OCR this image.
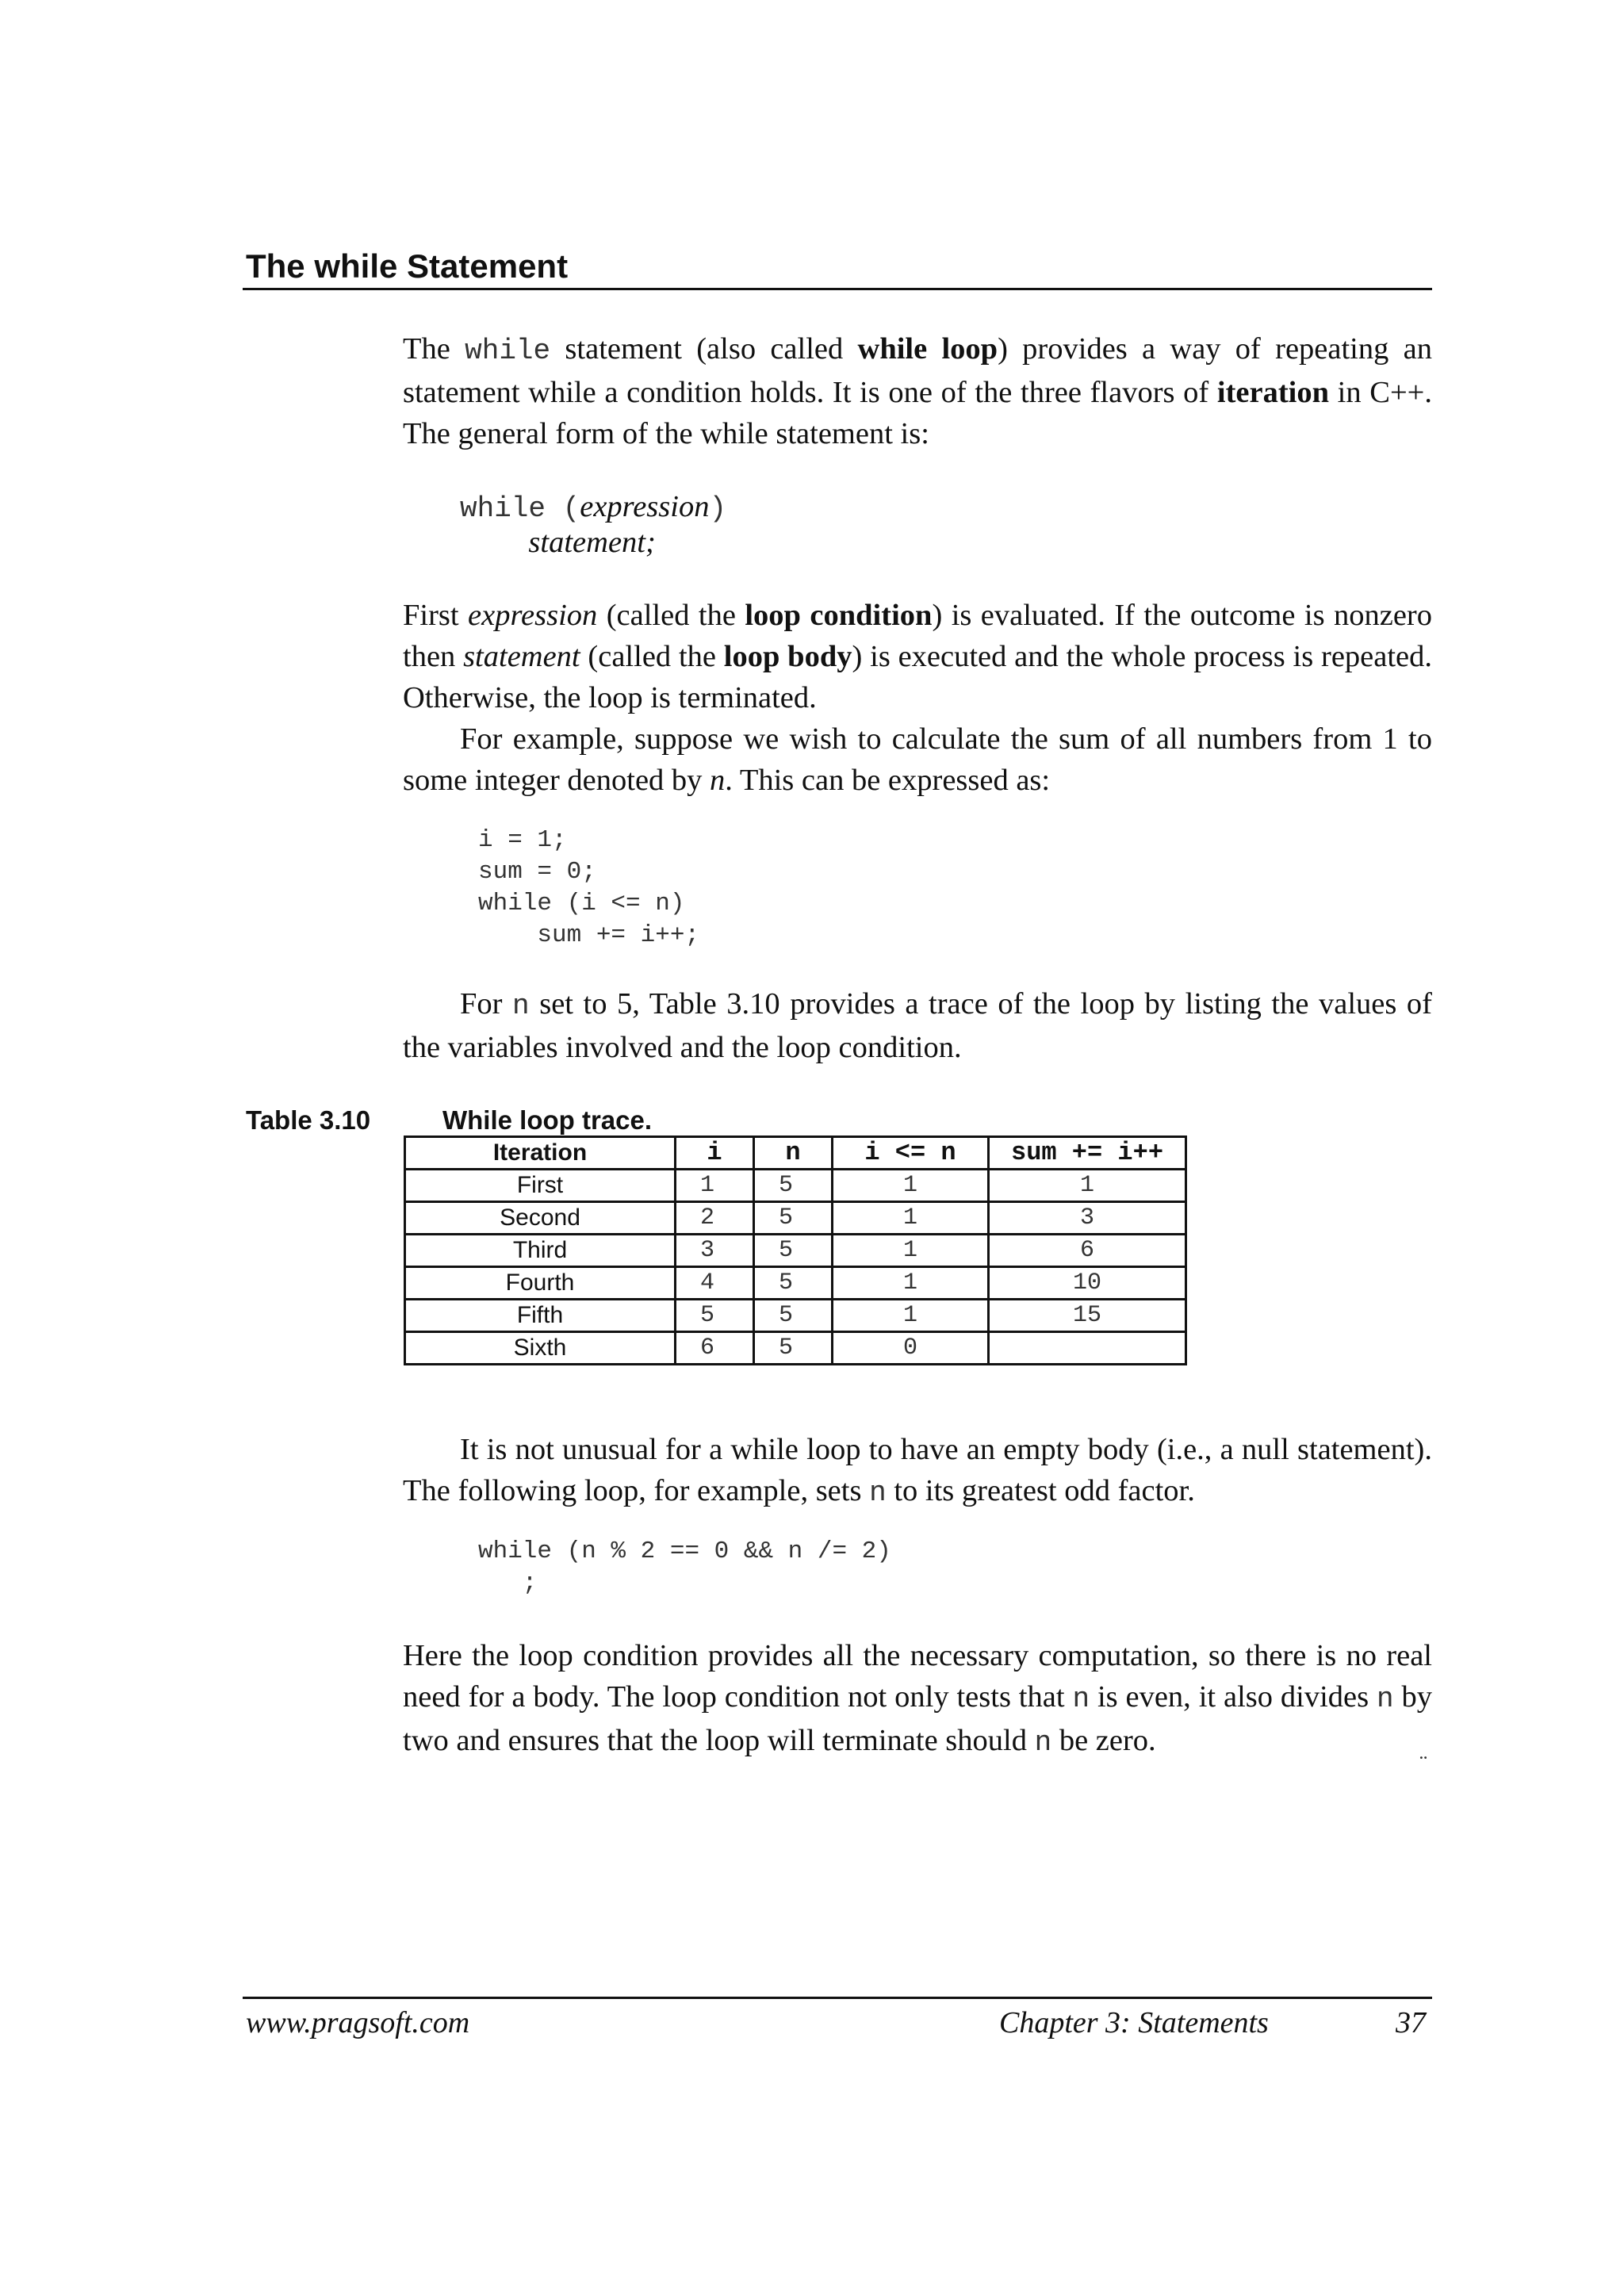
The while Statement

The while statement (also called while loop) provides a way of repeating an statement while a condition holds. It is one of the three flavors of iteration in C++. The general form of the while statement is:

while (expression)
statement;

First expression (called the loop condition) is evaluated. If the outcome is nonzero then statement (called the loop body) is executed and the whole process is repeated. Otherwise, the loop is terminated.

For example, suppose we wish to calculate the sum of all numbers from 1 to some integer denoted by n. This can be expressed as:

i = 1;
sum = 0;
while (i <= n)
sum += i++;

For n set to 5, Table 3.10 provides a trace of the loop by listing the values of the variables involved and the loop condition.

Table 3.10	While loop trace.
Iteration	i	n	i <= n	sum += i++
First	1	5	1	1
Second	2	5	1	3
Third	3	5	1	6
Fourth	4	5	1	10
Fifth	5	5	1	15
Sixth	6	5	0	

It is not unusual for a while loop to have an empty body (i.e., a null statement). The following loop, for example, sets n to its greatest odd factor.

while (n % 2 == 0 && n /= 2)
;

Here the loop condition provides all the necessary computation, so there is no real need for a body. The loop condition not only tests that n is even, it also divides n by two and ensures that the loop will terminate should n be zero.

¨
www.pragsoft.com	Chapter 3: Statements	37
